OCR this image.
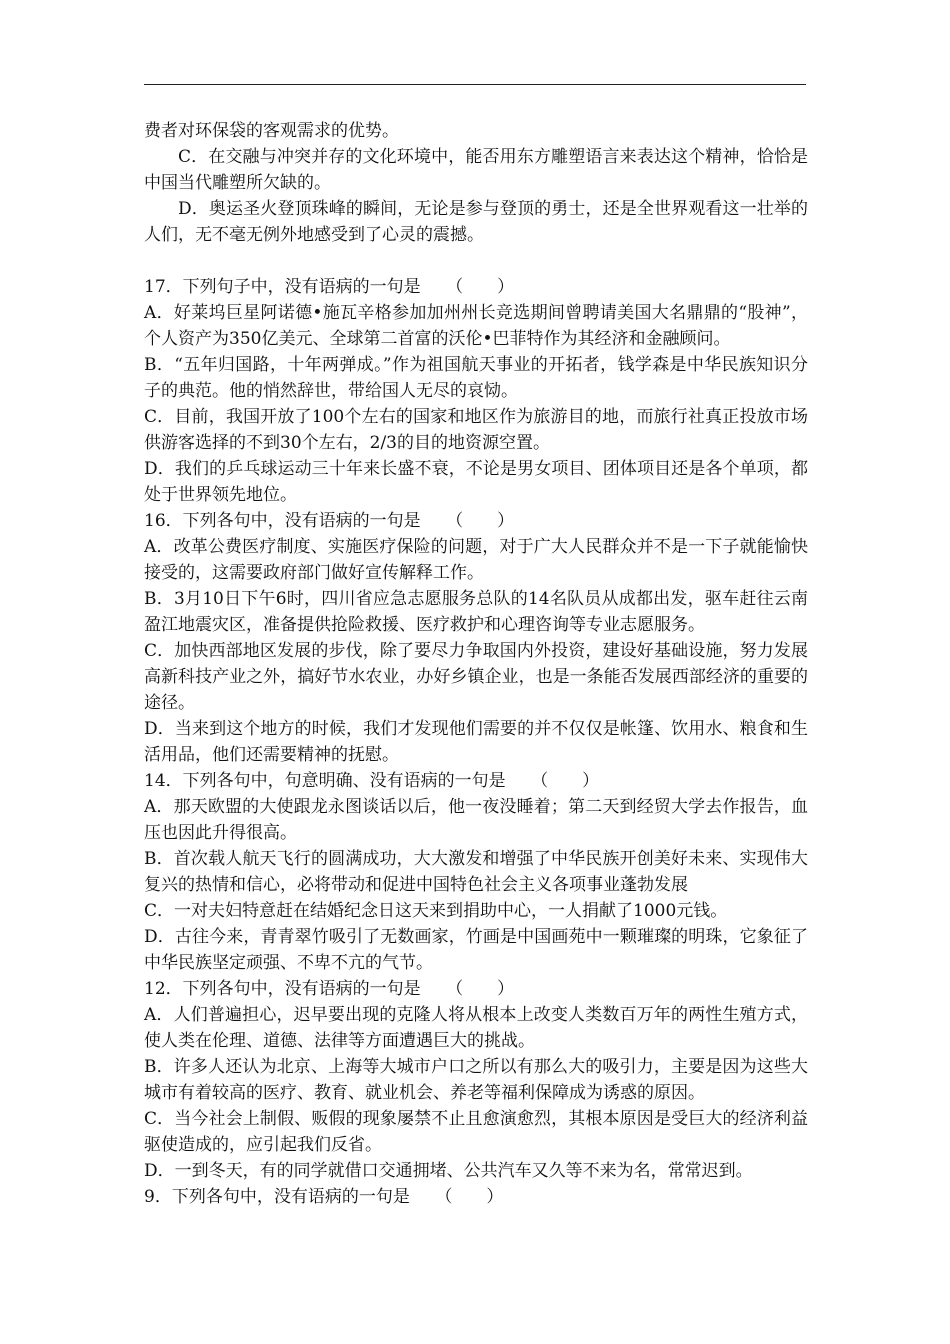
费者对环保袋的客观需求的优势。

C．在交融与冲突并存的文化环境中，能否用东方雕塑语言来表达这个精神，恰恰是中国当代雕塑所欠缺的。

D．奥运圣火登顶珠峰的瞬间，无论是参与登顶的勇士，还是全世界观看这一壮举的人们，无不毫无例外地感受到了心灵的震撼。

17．下列句子中，没有语病的一句是　　（　　）

A．好莱坞巨星阿诺德•施瓦辛格参加加州州长竞选期间曾聘请美国大名鼎鼎的“股神”，个人资产为350亿美元、全球第二首富的沃伦•巴菲特作为其经济和金融顾问。

B．“五年归国路，十年两弹成。”作为祖国航天事业的开拓者，钱学森是中华民族知识分子的典范。他的悄然辞世，带给国人无尽的哀恸。

C．目前，我国开放了100个左右的国家和地区作为旅游目的地，而旅行社真正投放市场供游客选择的不到30个左右，2/3的目的地资源空置。

D．我们的乒乓球运动三十年来长盛不衰，不论是男女项目、团体项目还是各个单项，都处于世界领先地位。

16．下列各句中，没有语病的一句是　　（　　）

A．改革公费医疗制度、实施医疗保险的问题，对于广大人民群众并不是一下子就能愉快接受的，这需要政府部门做好宣传解释工作。

B．3月10日下午6时，四川省应急志愿服务总队的14名队员从成都出发，驱车赶往云南盈江地震灾区，准备提供抢险救援、医疗救护和心理咨询等专业志愿服务。

C．加快西部地区发展的步伐，除了要尽力争取国内外投资，建设好基础设施，努力发展高新科技产业之外，搞好节水农业，办好乡镇企业，也是一条能否发展西部经济的重要的途径。

D．当来到这个地方的时候，我们才发现他们需要的并不仅仅是帐篷、饮用水、粮食和生活用品，他们还需要精神的抚慰。

14．下列各句中，句意明确、没有语病的一句是　　（　　）

A．那天欧盟的大使跟龙永图谈话以后，他一夜没睡着；第二天到经贸大学去作报告，血压也因此升得很高。

B．首次载人航天飞行的圆满成功，大大激发和增强了中华民族开创美好未来、实现伟大复兴的热情和信心，必将带动和促进中国特色社会主义各项事业蓬勃发展

C．一对夫妇特意赶在结婚纪念日这天来到捐助中心，一人捐献了1000元钱。

D．古往今来，青青翠竹吸引了无数画家，竹画是中国画苑中一颗璀璨的明珠，它象征了中华民族坚定顽强、不卑不亢的气节。

12．下列各句中，没有语病的一句是　　（　　）

A．人们普遍担心，迟早要出现的克隆人将从根本上改变人类数百万年的两性生殖方式，使人类在伦理、道德、法律等方面遭遇巨大的挑战。

B．许多人还认为北京、上海等大城市户口之所以有那么大的吸引力，主要是因为这些大城市有着较高的医疗、教育、就业机会、养老等福利保障成为诱惑的原因。

C．当今社会上制假、贩假的现象屡禁不止且愈演愈烈，其根本原因是受巨大的经济利益驱使造成的，应引起我们反省。

D．一到冬天，有的同学就借口交通拥堵、公共汽车又久等不来为名，常常迟到。

9．下列各句中，没有语病的一句是　　（　　）
